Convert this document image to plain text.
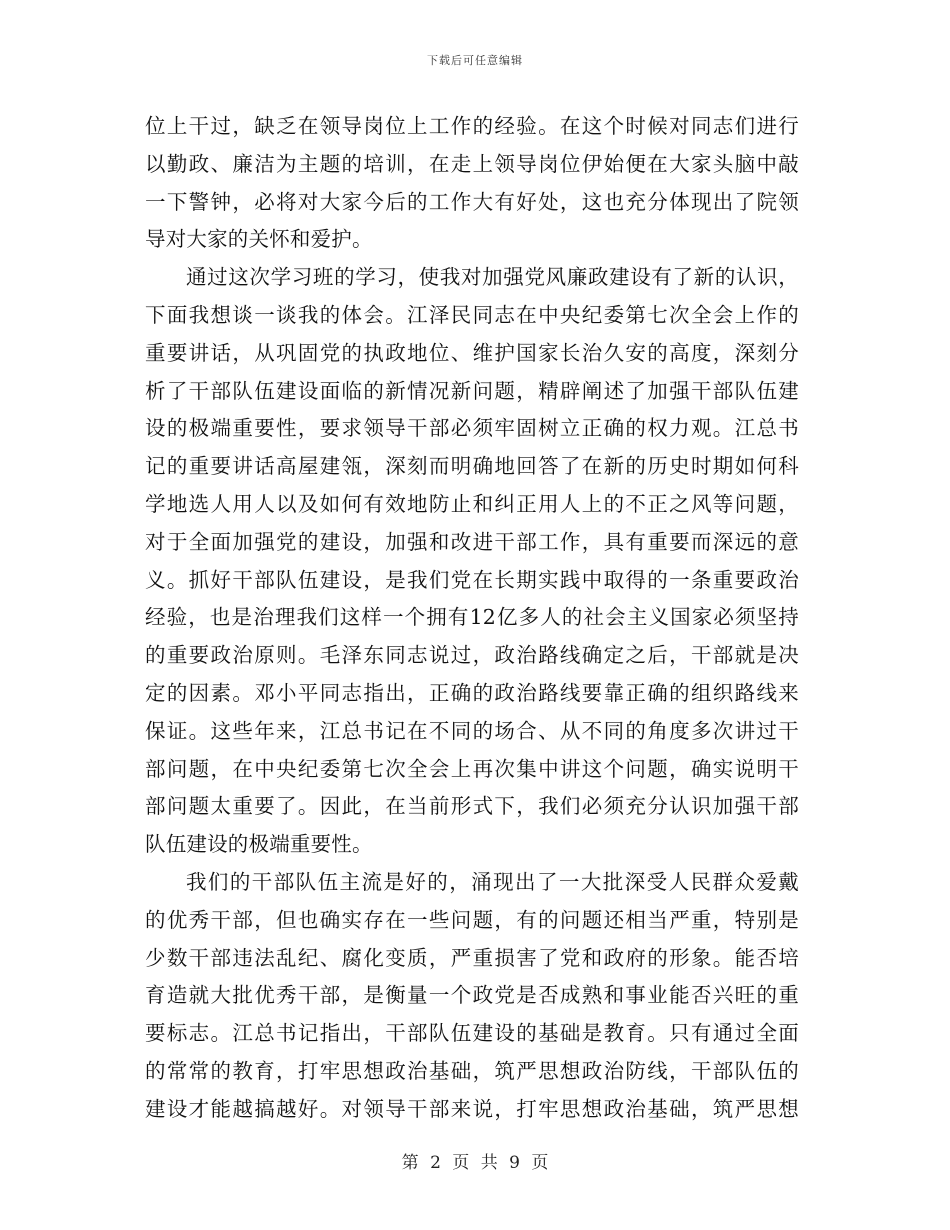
下载后可任意编辑
位上干过，缺乏在领导岗位上工作的经验。在这个时候对同志们进行
以勤政、廉洁为主题的培训，在走上领导岗位伊始便在大家头脑中敲
一下警钟，必将对大家今后的工作大有好处，这也充分体现出了院领
导对大家的关怀和爱护。
通过这次学习班的学习，使我对加强党风廉政建设有了新的认识，
下面我想谈一谈我的体会。江泽民同志在中央纪委第七次全会上作的
重要讲话，从巩固党的执政地位、维护国家长治久安的高度，深刻分
析了干部队伍建设面临的新情况新问题，精辟阐述了加强干部队伍建
设的极端重要性，要求领导干部必须牢固树立正确的权力观。江总书
记的重要讲话高屋建瓴，深刻而明确地回答了在新的历史时期如何科
学地选人用人以及如何有效地防止和纠正用人上的不正之风等问题，
对于全面加强党的建设，加强和改进干部工作，具有重要而深远的意
义。抓好干部队伍建设，是我们党在长期实践中取得的一条重要政治
经验，也是治理我们这样一个拥有12亿多人的社会主义国家必须坚持
的重要政治原则。毛泽东同志说过，政治路线确定之后，干部就是决
定的因素。邓小平同志指出，正确的政治路线要靠正确的组织路线来
保证。这些年来，江总书记在不同的场合、从不同的角度多次讲过干
部问题，在中央纪委第七次全会上再次集中讲这个问题，确实说明干
部问题太重要了。因此，在当前形式下，我们必须充分认识加强干部
队伍建设的极端重要性。
我们的干部队伍主流是好的，涌现出了一大批深受人民群众爱戴
的优秀干部，但也确实存在一些问题，有的问题还相当严重，特别是
少数干部违法乱纪、腐化变质，严重损害了党和政府的形象。能否培
育造就大批优秀干部，是衡量一个政党是否成熟和事业能否兴旺的重
要标志。江总书记指出，干部队伍建设的基础是教育。只有通过全面
的常常的教育，打牢思想政治基础，筑严思想政治防线，干部队伍的
建设才能越搞越好。对领导干部来说，打牢思想政治基础，筑严思想
第 2 页 共 9 页
